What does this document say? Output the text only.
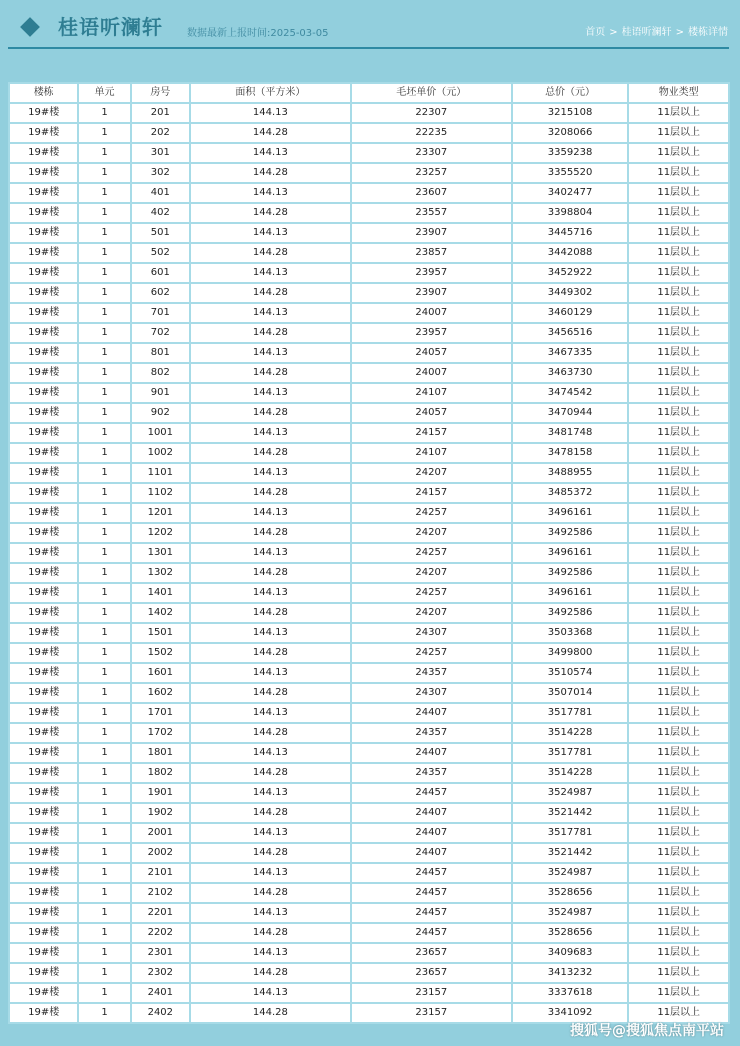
桂语听澜轩 数据最新上报时间:2025-03-05	首页 > 桂语听澜轩 > 楼栋详情
楼栋	单元	房号	面积（平方米）	毛坯单价（元）	总价（元）	物业类型
19#楼	1	201	144.13	22307	3215108	11层以上
19#楼	1	202	144.28	22235	3208066	11层以上
19#楼	1	301	144.13	23307	3359238	11层以上
19#楼	1	302	144.28	23257	3355520	11层以上
19#楼	1	401	144.13	23607	3402477	11层以上
19#楼	1	402	144.28	23557	3398804	11层以上
19#楼	1	501	144.13	23907	3445716	11层以上
19#楼	1	502	144.28	23857	3442088	11层以上
19#楼	1	601	144.13	23957	3452922	11层以上
19#楼	1	602	144.28	23907	3449302	11层以上
19#楼	1	701	144.13	24007	3460129	11层以上
19#楼	1	702	144.28	23957	3456516	11层以上
19#楼	1	801	144.13	24057	3467335	11层以上
19#楼	1	802	144.28	24007	3463730	11层以上
19#楼	1	901	144.13	24107	3474542	11层以上
19#楼	1	902	144.28	24057	3470944	11层以上
19#楼	1	1001	144.13	24157	3481748	11层以上
19#楼	1	1002	144.28	24107	3478158	11层以上
19#楼	1	1101	144.13	24207	3488955	11层以上
19#楼	1	1102	144.28	24157	3485372	11层以上
19#楼	1	1201	144.13	24257	3496161	11层以上
19#楼	1	1202	144.28	24207	3492586	11层以上
19#楼	1	1301	144.13	24257	3496161	11层以上
19#楼	1	1302	144.28	24207	3492586	11层以上
19#楼	1	1401	144.13	24257	3496161	11层以上
19#楼	1	1402	144.28	24207	3492586	11层以上
19#楼	1	1501	144.13	24307	3503368	11层以上
19#楼	1	1502	144.28	24257	3499800	11层以上
19#楼	1	1601	144.13	24357	3510574	11层以上
19#楼	1	1602	144.28	24307	3507014	11层以上
19#楼	1	1701	144.13	24407	3517781	11层以上
19#楼	1	1702	144.28	24357	3514228	11层以上
19#楼	1	1801	144.13	24407	3517781	11层以上
19#楼	1	1802	144.28	24357	3514228	11层以上
19#楼	1	1901	144.13	24457	3524987	11层以上
19#楼	1	1902	144.28	24407	3521442	11层以上
19#楼	1	2001	144.13	24407	3517781	11层以上
19#楼	1	2002	144.28	24407	3521442	11层以上
19#楼	1	2101	144.13	24457	3524987	11层以上
19#楼	1	2102	144.28	24457	3528656	11层以上
19#楼	1	2201	144.13	24457	3524987	11层以上
19#楼	1	2202	144.28	24457	3528656	11层以上
19#楼	1	2301	144.13	23657	3409683	11层以上
19#楼	1	2302	144.28	23657	3413232	11层以上
19#楼	1	2401	144.13	23157	3337618	11层以上
19#楼	1	2402	144.28	23157	3341092	11层以上
搜狐号@搜狐焦点南平站
